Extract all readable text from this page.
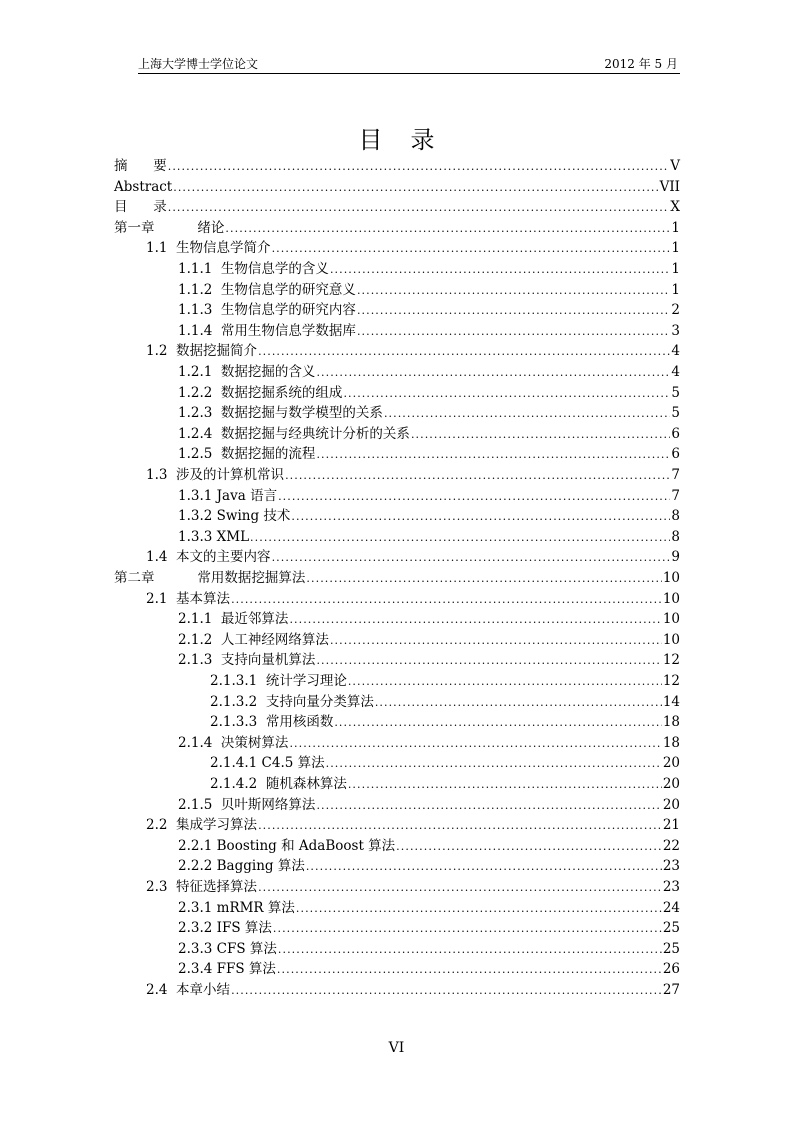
上海大学博士学位论文	2012 年 5 月
目录
摘      要 . . .	V
Abstract . . .	VII
目      录 . . .	X
第一章          绪论 . . .	1
1.1  生物信息学简介 . . .	1
1.1.1  生物信息学的含义 . . .	1
1.1.2  生物信息学的研究意义 . . .	1
1.1.3  生物信息学的研究内容 . . .	2
1.1.4  常用生物信息学数据库 . . .	3
1.2  数据挖掘简介 . . .	4
1.2.1  数据挖掘的含义 . . .	4
1.2.2  数据挖掘系统的组成 . . .	5
1.2.3  数据挖掘与数学模型的关系 . . .	5
1.2.4  数据挖掘与经典统计分析的关系 . . .	6
1.2.5  数据挖掘的流程 . . .	6
1.3  涉及的计算机常识 . . .	7
1.3.1 Java 语言 . . .	7
1.3.2 Swing 技术 . . .	8
1.3.3 XML . . .	8
1.4  本文的主要内容 . . .	9
第二章          常用数据挖掘算法 . . .	10
2.1  基本算法 . . .	10
2.1.1  最近邻算法 . . .	10
2.1.2  人工神经网络算法 . . .	10
2.1.3  支持向量机算法 . . .	12
2.1.3.1  统计学习理论 . . .	12
2.1.3.2  支持向量分类算法 . . .	14
2.1.3.3  常用核函数 . . .	18
2.1.4  决策树算法 . . .	18
2.1.4.1 C4.5 算法 . . .	20
2.1.4.2  随机森林算法 . . .	20
2.1.5  贝叶斯网络算法 . . .	20
2.2  集成学习算法 . . .	21
2.2.1 Boosting 和 AdaBoost 算法 . . .	22
2.2.2 Bagging 算法 . . .	23
2.3  特征选择算法 . . .	23
2.3.1 mRMR 算法 . . .	24
2.3.2 IFS 算法 . . .	25
2.3.3 CFS 算法 . . .	25
2.3.4 FFS 算法 . . .	26
2.4  本章小结 . . .	27
VI
